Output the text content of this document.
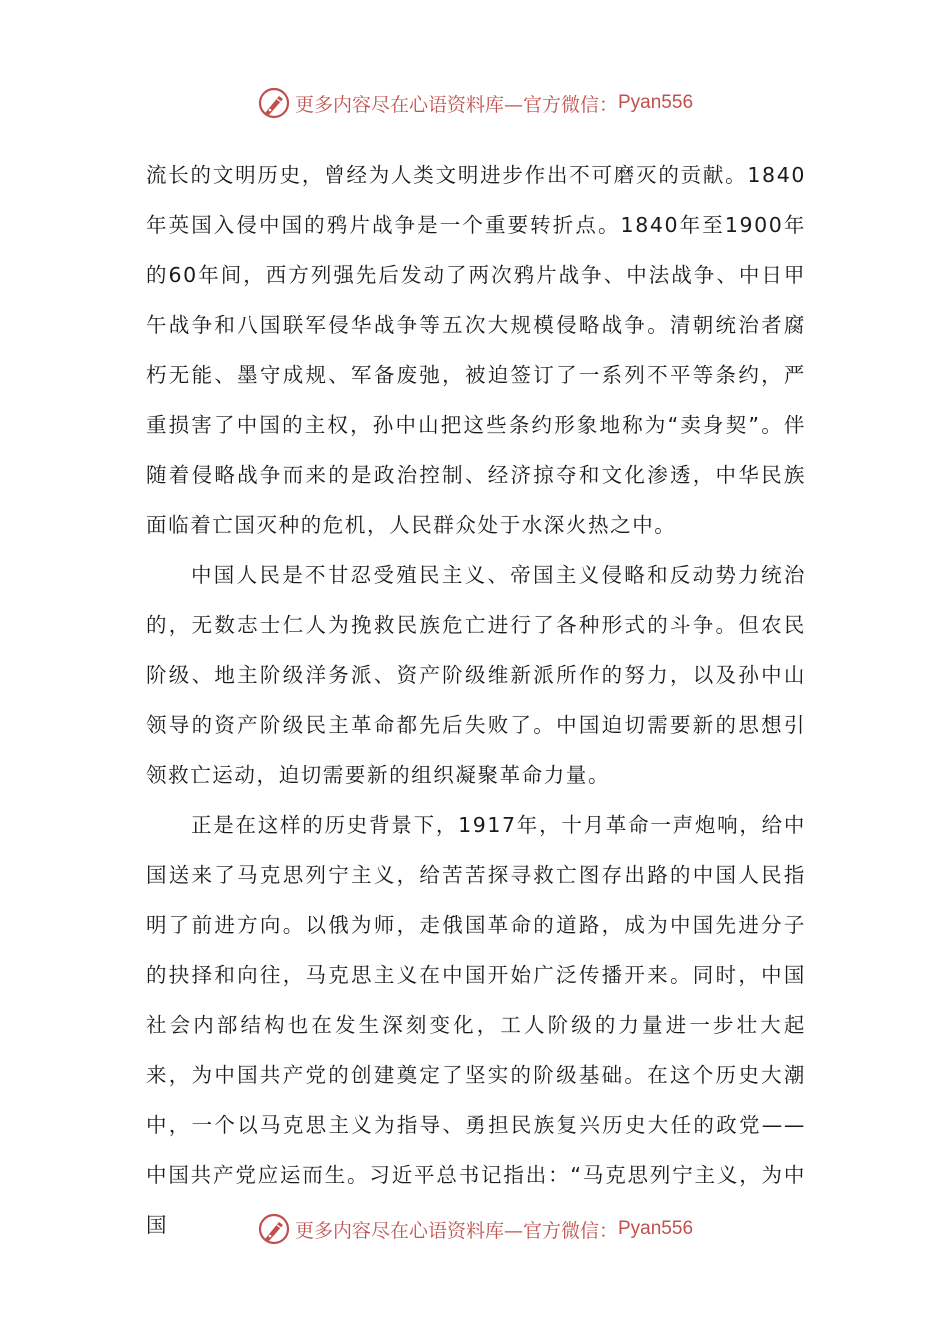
更多内容尽在心语资料库—官方微信： Pyan556

流长的文明历史，曾经为人类文明进步作出不可磨灭的贡献。1840年英国入侵中国的鸦片战争是一个重要转折点。1840年至1900年的60年间，西方列强先后发动了两次鸦片战争、中法战争、中日甲午战争和八国联军侵华战争等五次大规模侵略战争。清朝统治者腐朽无能、墨守成规、军备废弛，被迫签订了一系列不平等条约，严重损害了中国的主权，孙中山把这些条约形象地称为“卖身契”。伴随着侵略战争而来的是政治控制、经济掠夺和文化渗透，中华民族面临着亡国灭种的危机，人民群众处于水深火热之中。

中国人民是不甘忍受殖民主义、帝国主义侵略和反动势力统治的，无数志士仁人为挽救民族危亡进行了各种形式的斗争。但农民阶级、地主阶级洋务派、资产阶级维新派所作的努力，以及孙中山领导的资产阶级民主革命都先后失败了。中国迫切需要新的思想引领救亡运动，迫切需要新的组织凝聚革命力量。

正是在这样的历史背景下，1917年，十月革命一声炮响，给中国送来了马克思列宁主义，给苦苦探寻救亡图存出路的中国人民指明了前进方向。以俄为师，走俄国革命的道路，成为中国先进分子的抉择和向往，马克思主义在中国开始广泛传播开来。同时，中国社会内部结构也在发生深刻变化，工人阶级的力量进一步壮大起来，为中国共产党的创建奠定了坚实的阶级基础。在这个历史大潮中，一个以马克思主义为指导、勇担民族复兴历史大任的政党——中国共产党应运而生。习近平总书记指出：“马克思列宁主义，为中国	更多内容尽在心语资料库—官方微信： Pyan556
